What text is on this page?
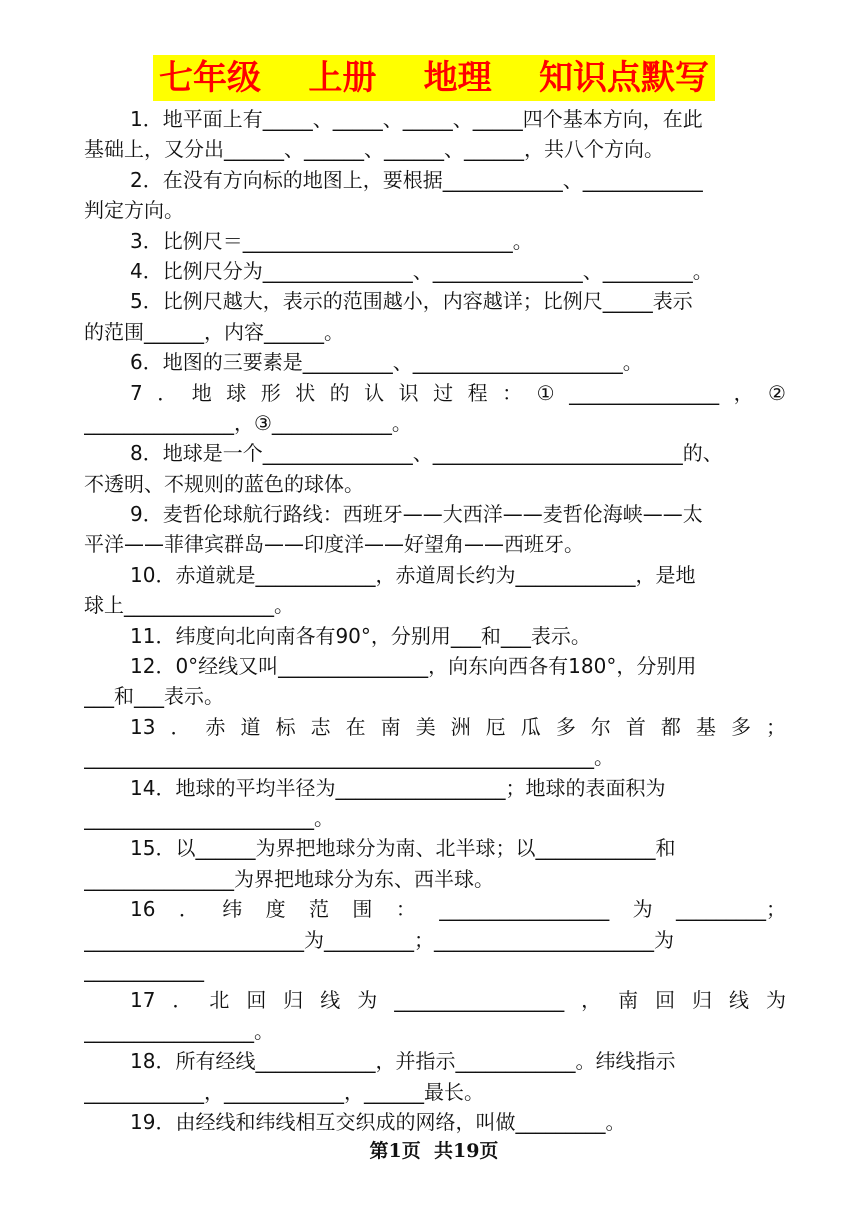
七年级    上册    地理    知识点默写
1．地平面上有_____、_____、_____、_____四个基本方向，在此
基础上，又分出______、______、______、______，共八个方向。
2．在没有方向标的地图上，要根据____________、____________
判定方向。
3．比例尺＝___________________________。
4．比例尺分为_______________、_______________、_________。
5．比例尺越大，表示的范围越小，内容越详；比例尺_____表示
的范围______，内容______。
6．地图的三要素是_________、_____________________。
7．地球形状的认识过程：①_______________，②
_______________，③____________。
8．地球是一个_______________、_________________________的、
不透明、不规则的蓝色的球体。
9．麦哲伦球航行路线：西班牙——大西洋——麦哲伦海峡——太
平洋——菲律宾群岛——印度洋——好望角——西班牙。
10．赤道就是____________，赤道周长约为____________，是地
球上_______________。
11．纬度向北向南各有90°，分别用___和___表示。
12．0°经线又叫_______________，向东向西各有180°，分别用
___和___表示。
13．赤道标志在南美洲厄瓜多尔首都基多；
___________________________________________________。
14．地球的平均半径为_________________；地球的表面积为
_______________________。
15．以______为界把地球分为南、北半球；以____________和
_______________为界把地球分为东、西半球。
16．纬度范围：_________________为_________；
______________________为_________；______________________为
____________
17．北回归线为_________________，南回归线为
_________________。
18．所有经线____________，并指示____________。纬线指示
____________，____________，______最长。
19．由经线和纬线相互交织成的网络，叫做_________。
第1页  共19页
